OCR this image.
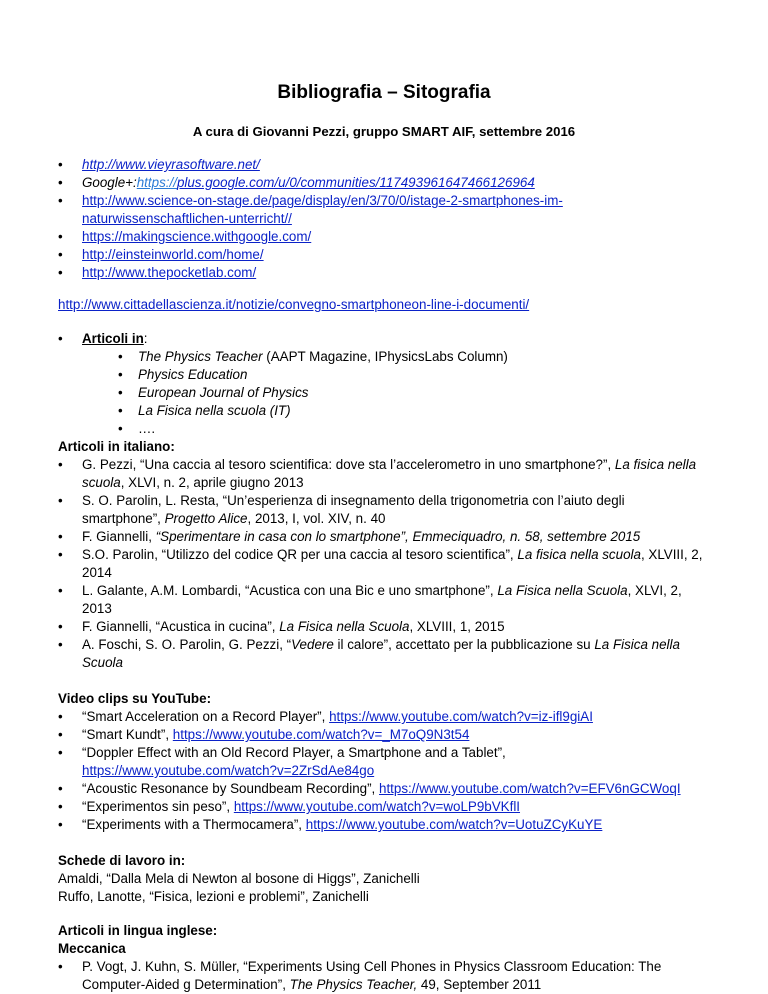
Bibliografia – Sitografia
A cura di Giovanni Pezzi, gruppo SMART AIF, settembre 2016
• http://www.vieyrasoftware.net/
• Google+:https://plus.google.com/u/0/communities/117493961647466126964
• http://www.science-on-stage.de/page/display/en/3/70/0/istage-2-smartphones-im-
naturwissenschaftlichen-unterricht//
• https://makingscience.withgoogle.com/
• http://einsteinworld.com/home/
• http://www.thepocketlab.com/
http://www.cittadellascienza.it/notizie/convegno-smartphoneon-line-i-documenti/
• Articoli in:
• The Physics Teacher (AAPT Magazine, IPhysicsLabs Column)
• Physics Education
• European Journal of Physics
• La Fisica nella scuola (IT)
• ….
Articoli in italiano:
• G. Pezzi, “Una caccia al tesoro scientifica: dove sta l’accelerometro in uno smartphone?”, La fisica nella
scuola, XLVI, n. 2, aprile giugno 2013
• S. O. Parolin, L. Resta, “Un’esperienza di insegnamento della trigonometria con l’aiuto degli
smartphone”, Progetto Alice, 2013, I, vol. XIV, n. 40
• F. Giannelli, “Sperimentare in casa con lo smartphone”, Emmeciquadro, n. 58, settembre 2015
• S.O. Parolin, “Utilizzo del codice QR per una caccia al tesoro scientifica”, La fisica nella scuola, XLVIII, 2,
2014
• L. Galante, A.M. Lombardi, “Acustica con una Bic e uno smartphone”, La Fisica nella Scuola, XLVI, 2,
2013
• F. Giannelli, “Acustica in cucina”, La Fisica nella Scuola, XLVIII, 1, 2015
• A. Foschi, S. O. Parolin, G. Pezzi, “Vedere il calore”, accettato per la pubblicazione su La Fisica nella
Scuola
Video clips su YouTube:
• “Smart Acceleration on a Record Player”, https://www.youtube.com/watch?v=iz-ifl9giAI
• “Smart Kundt”, https://www.youtube.com/watch?v=_M7oQ9N3t54
• “Doppler Effect with an Old Record Player, a Smartphone and a Tablet”,
https://www.youtube.com/watch?v=2ZrSdAe84go
• “Acoustic Resonance by Soundbeam Recording”, https://www.youtube.com/watch?v=EFV6nGCWoqI
• “Experimentos sin peso”, https://www.youtube.com/watch?v=woLP9bVKflI
• “Experiments with a Thermocamera”, https://www.youtube.com/watch?v=UotuZCyKuYE
Schede di lavoro in:
Amaldi, “Dalla Mela di Newton al bosone di Higgs”, Zanichelli
Ruffo, Lanotte, “Fisica, lezioni e problemi”, Zanichelli
Articoli in lingua inglese:
Meccanica
• P. Vogt, J. Kuhn, S. Müller, “Experiments Using Cell Phones in Physics Classroom Education: The
Computer-Aided g Determination”, The Physics Teacher, 49, September 2011
